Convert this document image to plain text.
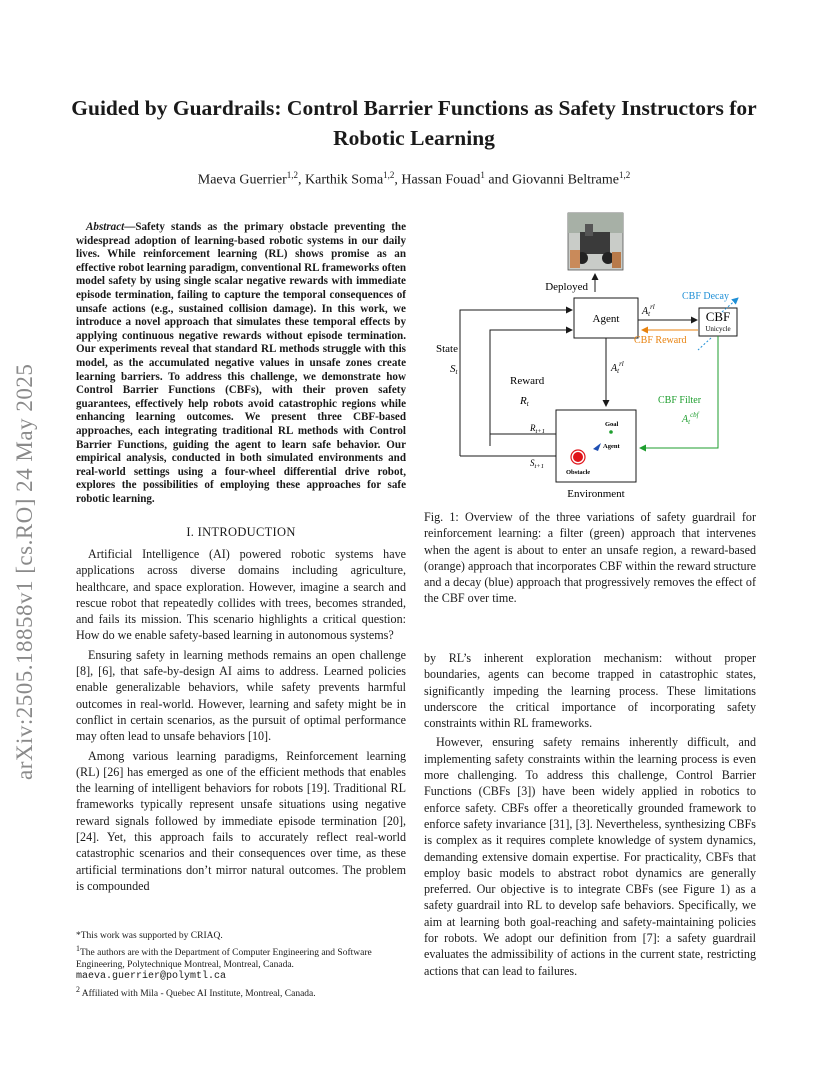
arXiv:2505.18858v1 [cs.RO] 24 May 2025
Guided by Guardrails: Control Barrier Functions as Safety Instructors for Robotic Learning
Maeva Guerrier$^{1,2}$, Karthik Soma$^{1,2}$, Hassan Fouad$^1$ and Giovanni Beltrame$^{1,2}$
Abstract—Safety stands as the primary obstacle preventing the widespread adoption of learning-based robotic systems in our daily lives. While reinforcement learning (RL) shows promise as an effective robot learning paradigm, conventional RL frameworks often model safety by using single scalar negative rewards with immediate episode termination, failing to capture the temporal consequences of unsafe actions (e.g., sustained collision damage). In this work, we introduce a novel approach that simulates these temporal effects by applying continuous negative rewards without episode termination. Our experiments reveal that standard RL methods struggle with this model, as the accumulated negative values in unsafe zones create learning barriers. To address this challenge, we demonstrate how Control Barrier Functions (CBFs), with their proven safety guarantees, effectively help robots avoid catastrophic regions while enhancing learning outcomes. We present three CBF-based approaches, each integrating traditional RL methods with Control Barrier Functions, guiding the agent to learn safe behavior. Our empirical analysis, conducted in both simulated environments and real-world settings using a four-wheel differential drive robot, explores the possibilities of employing these approaches for safe robotic learning.
I. INTRODUCTION

Artificial Intelligence (AI) powered robotic systems have applications across diverse domains including agriculture, healthcare, and space exploration. However, imagine a search and rescue robot that repeatedly collides with trees, becomes stranded, and fails its mission. This scenario highlights a critical question: How do we enable safety-based learning in autonomous systems?

Ensuring safety in learning methods remains an open challenge [8], [6], that safe-by-design AI aims to address. Learned policies enable generalizable behaviors, while safety prevents harmful outcomes in real-world. However, learning and safety might be in conflict in certain scenarios, as the pursuit of optimal performance may often lead to unsafe behaviors [10].

Among various learning paradigms, Reinforcement learning (RL) [26] has emerged as one of the efficient methods that enables the learning of intelligent behaviors for robots [19]. Traditional RL frameworks typically represent unsafe situations using negative reward signals followed by immediate episode termination [20], [24]. Yet, this approach fails to accurately reflect real-world catastrophic scenarios and their consequences over time, as these artificial terminations don’t mirror natural outcomes. The problem is compounded

*This work was supported by CRIAQ.
$^1$The authors are with the Department of Computer Engineering and Software Engineering, Polytechnique Montreal, Montreal, Canada.
maeva.guerrier@polymtl.ca
$^2$ Affiliated with Mila - Quebec AI Institute, Montreal, Canada.
Deployed
Agent	CBF
Unicycle
$A_t^{rl}$
CBF Decay
CBF Reward
$A_t^{rl}$
CBF Filter
$A_t^{cbf}$
Environment
Goal
Agent
Obstacle
$R_{t+1}$
$S_{t+1}$
Reward
Rt
State
St
Fig. 1: Overview of the three variations of safety guardrail for reinforcement learning: a filter (green) approach that intervenes when the agent is about to enter an unsafe region, a reward-based (orange) approach that incorporates CBF within the reward structure and a decay (blue) approach that progressively removes the effect of the CBF over time.

by RL’s inherent exploration mechanism: without proper boundaries, agents can become trapped in catastrophic states, significantly impeding the learning process. These limitations underscore the critical importance of incorporating safety constraints within RL frameworks.

However, ensuring safety remains inherently difficult, and implementing safety constraints within the learning process is even more challenging. To address this challenge, Control Barrier Functions (CBFs [3]) have been widely applied in robotics to enforce safety. CBFs offer a theoretically grounded framework to enforce safety invariance [31], [3]. Nevertheless, synthesizing CBFs is complex as it requires complete knowledge of system dynamics, demanding extensive domain expertise. For practicality, CBFs that employ basic models to abstract robot dynamics are generally preferred. Our objective is to integrate CBFs (see Figure 1) as a safety guardrail into RL to develop safe behaviors. Specifically, we aim at learning both goal-reaching and safety-maintaining policies for robots. We adopt our definition from [7]: a safety guardrail evaluates the admissibility of actions in the current state, restricting actions that can lead to failures.
